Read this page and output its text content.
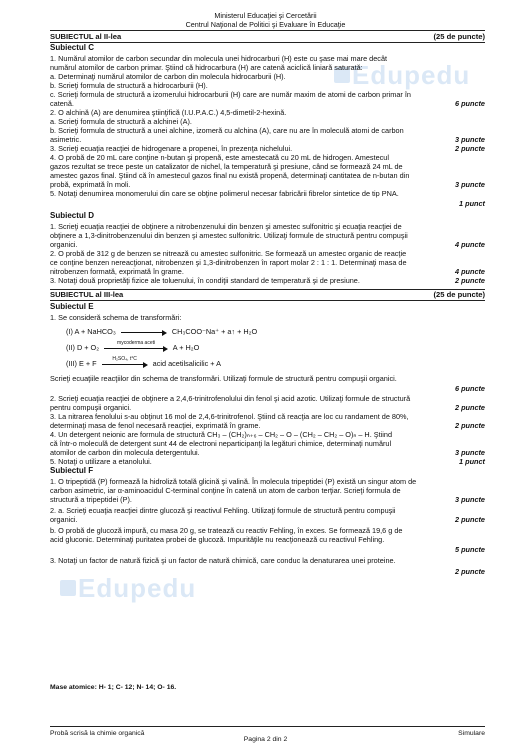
Ministerul Educaţiei şi Cercetării
Centrul Naţional de Politici şi Evaluare în Educaţie
Edupedu
Edupedu
SUBIECTUL al II-lea	(25 de puncte)
Subiectul C
1. Numărul atomilor de carbon secundar din molecula unei hidrocarburi (H) este cu şase mai mare decât
numărul atomilor de carbon primar. Ştiind că hidrocarbura (H) are catenă aciclică liniară saturată:
a. Determinaţi numărul atomilor de carbon din molecula hidrocarburii (H).
b. Scrieţi formula de structură a hidrocarburii (H).
c. Scrieţi formula de structură a izomerului hidrocarburii (H) care are număr maxim de atomi de carbon primar în
catenă.	6 puncte
2. O alchină (A) are denumirea ştiinţifică (I.U.P.A.C.) 4,5-dimetil-2-hexină.
a. Scrieţi formula de structură a alchinei (A).
b. Scrieţi formula de structură a unei alchine, izomeră cu alchina (A), care nu are în moleculă atomi de carbon
asimetric.	3 puncte
3. Scrieţi ecuaţia reacţiei de hidrogenare a propenei, în prezenţa nichelului.	2 puncte
4. O probă de 20 mL care conţine n-butan şi propenă, este amestecată cu 20 mL de hidrogen. Amestecul
gazos rezultat se trece peste un catalizator de nichel, la temperatură şi presiune, când se formează 24 mL de
amestec gazos final. Ştiind că în amestecul gazos final nu există propenă, determinaţi cantitatea de n-butan din
probă, exprimată în moli.	3 puncte
5. Notaţi denumirea monomerului din care se obţine polimerul necesar fabricării fibrelor sintetice de tip PNA.
1 punct
Subiectul D
1. Scrieţi ecuaţia reacţiei de obţinere a nitrobenzenului din benzen şi amestec sulfonitric şi ecuaţia reacţiei de
obţinere a 1,3-dinitrobenzenului din benzen şi amestec sulfonitric. Utilizaţi formule de structură pentru compuşii
organici.	4 puncte
2. O probă de 312 g de benzen se nitrează cu amestec sulfonitric. Se formează un amestec organic de reacţie
ce conţine benzen nereacţionat, nitrobenzen şi 1,3-dinitrobenzen în raport molar 2 : 1 : 1. Determinaţi masa de
nitrobenzen formată, exprimată în grame.	4 puncte
3. Notaţi două proprietăţi fizice ale toluenului, în condiţii standard de temperatură şi de presiune.	2 puncte
SUBIECTUL al III-lea	(25 de puncte)
Subiectul E
1. Se consideră schema de transformări:
(I) A + NaHCO₃	CH₃COO⁻Na⁺ + a↑ + H₂O
(II) D + O₂	mycoderma aceti	A + H₂O
(III) E + F	H₂SO₄, t°C	acid acetilsalicilic + A
Scrieţi ecuaţiile reacţiilor din schema de transformări. Utilizaţi formule de structură pentru compuşii organici.
6 puncte
2. Scrieţi ecuaţia reacţiei de obţinere a 2,4,6-trinitrofenolului din fenol şi acid azotic. Utilizaţi formule de structură
pentru compuşii organici.	2 puncte
3. La nitrarea fenolului s-au obţinut 16 mol de 2,4,6-trinitrofenol. Ştiind că reacţia are loc cu randament de 80%,
determinaţi masa de fenol necesară reacţiei, exprimată în grame.	2 puncte
4. Un detergent neionic are formula de structură CH₃ – (CH₂)ₙ₊₆ – CH₂ – O – (CH₂ – CH₂ – O)ₙ – H. Ştiind
că într-o moleculă de detergent sunt 44 de electroni neparticipanţi la legături chimice, determinaţi numărul
atomilor de carbon din molecula detergentului.	3 puncte
5. Notaţi o utilizare a etanolului.	1 punct
Subiectul F
1. O tripeptidă (P) formează la hidroliză totală glicină şi valină. În molecula tripeptidei (P) există un singur atom de
carbon asimetric, iar α-aminoacidul C-terminal conţine în catenă un atom de carbon terţiar. Scrieţi formula de
structură a tripeptidei (P).	3 puncte
2. a. Scrieţi ecuaţia reacţiei dintre glucoză şi reactivul Fehling. Utilizaţi formule de structură pentru compuşii
organici.	2 puncte
b. O probă de glucoză impură, cu masa 20 g, se tratează cu reactiv Fehling, în exces. Se formează 19,6 g de
acid gluconic. Determinaţi puritatea probei de glucoză. Impurităţile nu reacţionează cu reactivul Fehling.
5 puncte
3. Notaţi un factor de natură fizică şi un factor de natură chimică, care conduc la denaturarea unei proteine.
2 puncte
Mase atomice: H- 1; C- 12; N- 14; O- 16.
Probă scrisă la chimie organică
Pagina 2 din 2
Simulare
